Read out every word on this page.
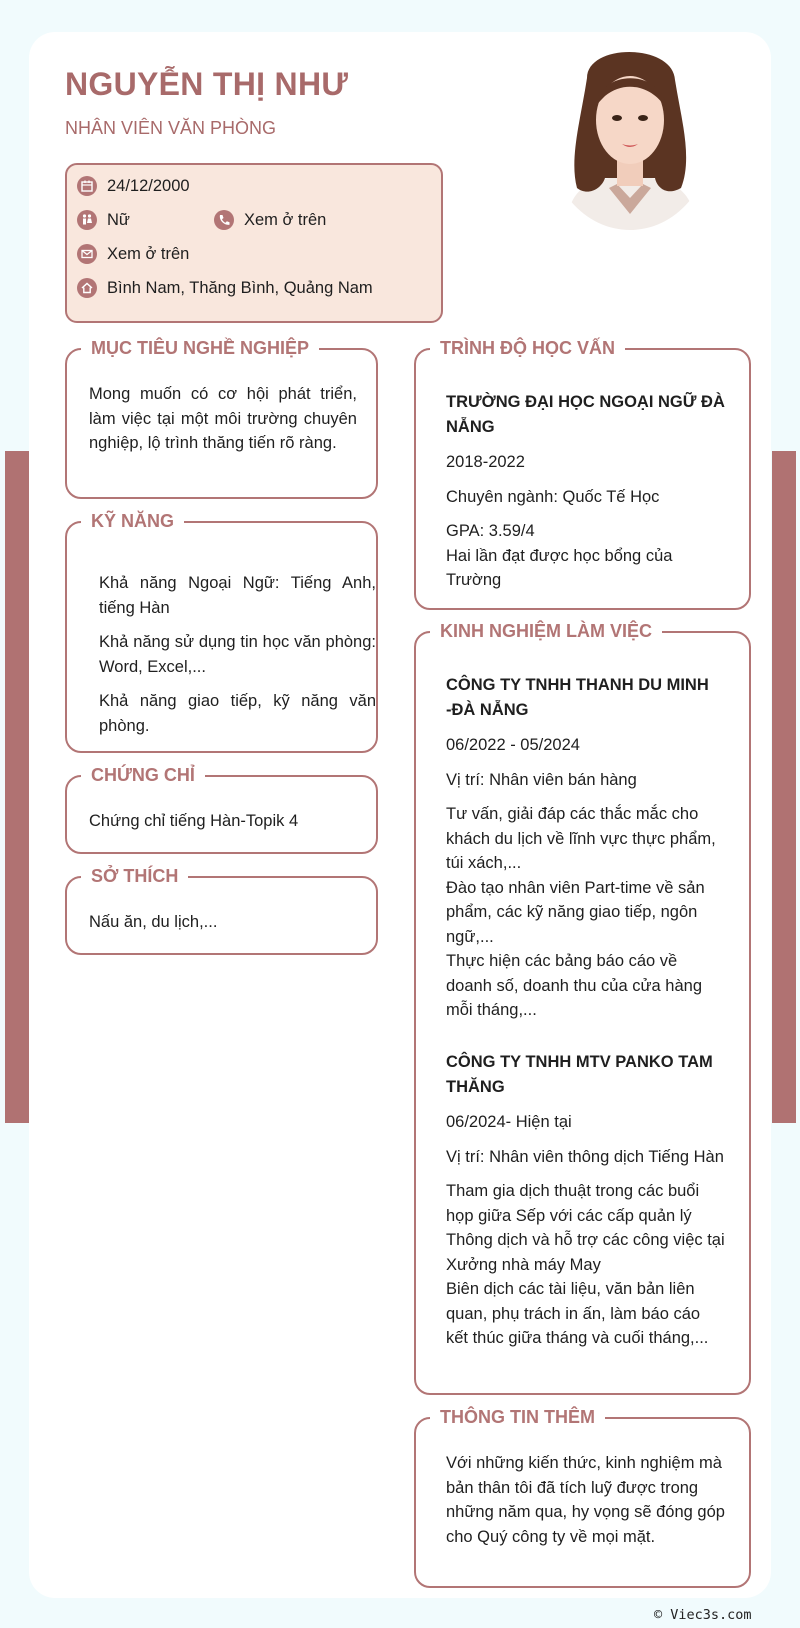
NGUYỄN THỊ NHƯ
NHÂN VIÊN VĂN PHÒNG
24/12/2000
Nữ	Xem ở trên
Xem ở trên
Bình Nam, Thăng Bình, Quảng Nam
MỤC TIÊU NGHỀ NGHIỆP
Mong muốn có cơ hội phát triển, làm việc tại một môi trường chuyên nghiệp, lộ trình thăng tiến rõ ràng.
KỸ NĂNG

Khả năng Ngoại Ngữ: Tiếng Anh, tiếng Hàn

Khả năng sử dụng tin học văn phòng: Word, Excel,...

Khả năng giao tiếp, kỹ năng văn phòng.

CHỨNG CHỈ
Chứng chỉ tiếng Hàn-Topik 4
SỞ THÍCH
Nấu ăn, du lịch,...
TRÌNH ĐỘ HỌC VẤN

TRƯỜNG ĐẠI HỌC NGOẠI NGỮ ĐÀ NẴNG

2018-2022

Chuyên ngành: Quốc Tế Học

GPA: 3.59/4

Hai lần đạt được học bổng của Trường

KINH NGHIỆM LÀM VIỆC

CÔNG TY TNHH THANH DU MINH -ĐÀ NẴNG

06/2022 - 05/2024

Vị trí: Nhân viên bán hàng

Tư vấn, giải đáp các thắc mắc cho khách du lịch về lĩnh vực thực phẩm, túi xách,...

Đào tạo nhân viên Part-time về sản phẩm, các kỹ năng giao tiếp, ngôn ngữ,...

Thực hiện các bảng báo cáo về doanh số, doanh thu của cửa hàng mỗi tháng,...

CÔNG TY TNHH MTV PANKO TAM THĂNG

06/2024- Hiện tại

Vị trí: Nhân viên thông dịch Tiếng Hàn

Tham gia dịch thuật trong các buổi họp giữa Sếp với các cấp quản lý

Thông dịch và hỗ trợ các công việc tại Xưởng nhà máy May

Biên dịch các tài liệu, văn bản liên quan, phụ trách in ấn, làm báo cáo kết thúc giữa tháng và cuối tháng,...

THÔNG TIN THÊM
Với những kiến thức, kinh nghiệm mà bản thân tôi đã tích luỹ được trong những năm qua, hy vọng sẽ đóng góp cho Quý công ty về mọi mặt.
© Viec3s.com
